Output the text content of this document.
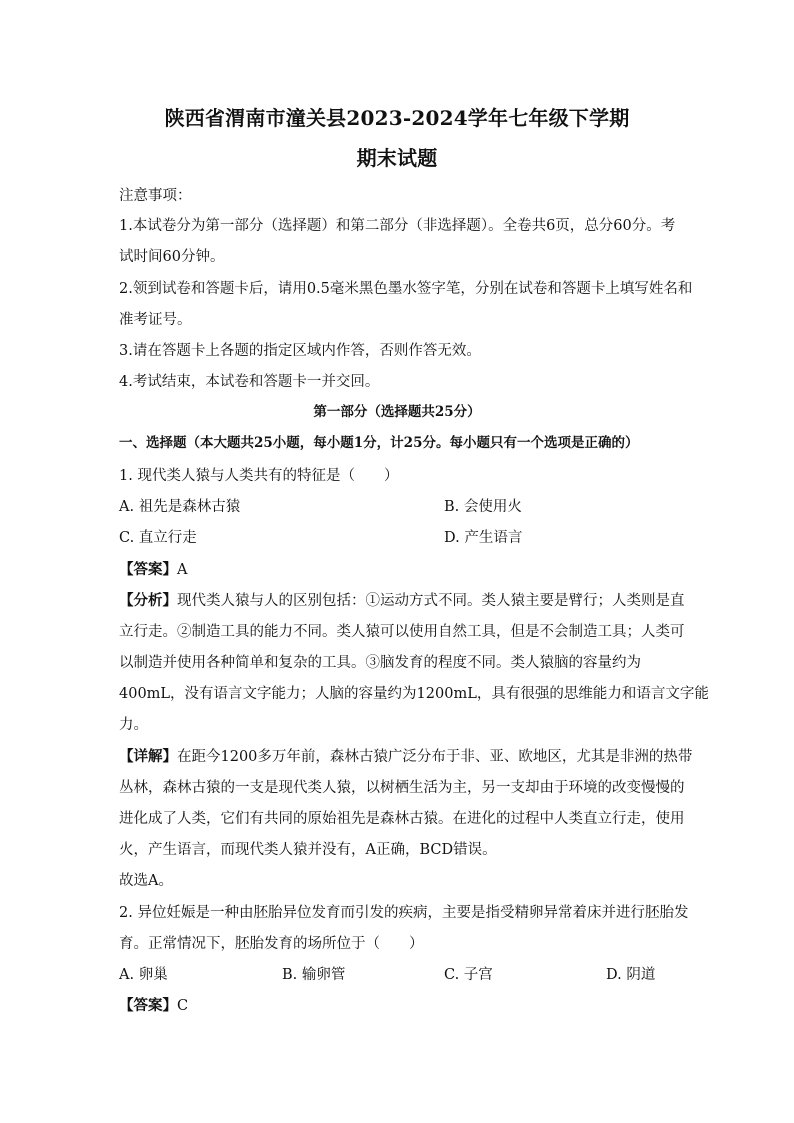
陕西省渭南市潼关县2023-2024学年七年级下学期
期末试题
注意事项：
1.本试卷分为第一部分（选择题）和第二部分（非选择题）。全卷共6页，总分60分。考
试时间60分钟。
2.领到试卷和答题卡后，请用0.5毫米黑色墨水签字笔，分别在试卷和答题卡上填写姓名和
准考证号。
3.请在答题卡上各题的指定区域内作答，否则作答无效。
4.考试结束，本试卷和答题卡一并交回。
第一部分（选择题共25分）
一、选择题（本大题共25小题，每小题1分，计25分。每小题只有一个选项是正确的）
1. 现代类人猿与人类共有的特征是（　　）
A. 祖先是森林古猿	B. 会使用火
C. 直立行走	D. 产生语言
【答案】A
【分析】现代类人猿与人的区别包括：①运动方式不同。类人猿主要是臂行；人类则是直
立行走。②制造工具的能力不同。类人猿可以使用自然工具，但是不会制造工具；人类可
以制造并使用各种简单和复杂的工具。③脑发育的程度不同。类人猿脑的容量约为
400mL，没有语言文字能力；人脑的容量约为1200mL，具有很强的思维能力和语言文字能
力。
【详解】在距今1200多万年前，森林古猿广泛分布于非、亚、欧地区，尤其是非洲的热带
丛林，森林古猿的一支是现代类人猿，以树栖生活为主，另一支却由于环境的改变慢慢的
进化成了人类，它们有共同的原始祖先是森林古猿。在进化的过程中人类直立行走，使用
火，产生语言，而现代类人猿并没有，A正确，BCD错误。
故选A。
2. 异位妊娠是一种由胚胎异位发育而引发的疾病，主要是指受精卵异常着床并进行胚胎发
育。正常情况下，胚胎发育的场所位于（　　）
A. 卵巢	B. 输卵管	C. 子宫	D. 阴道
【答案】C
